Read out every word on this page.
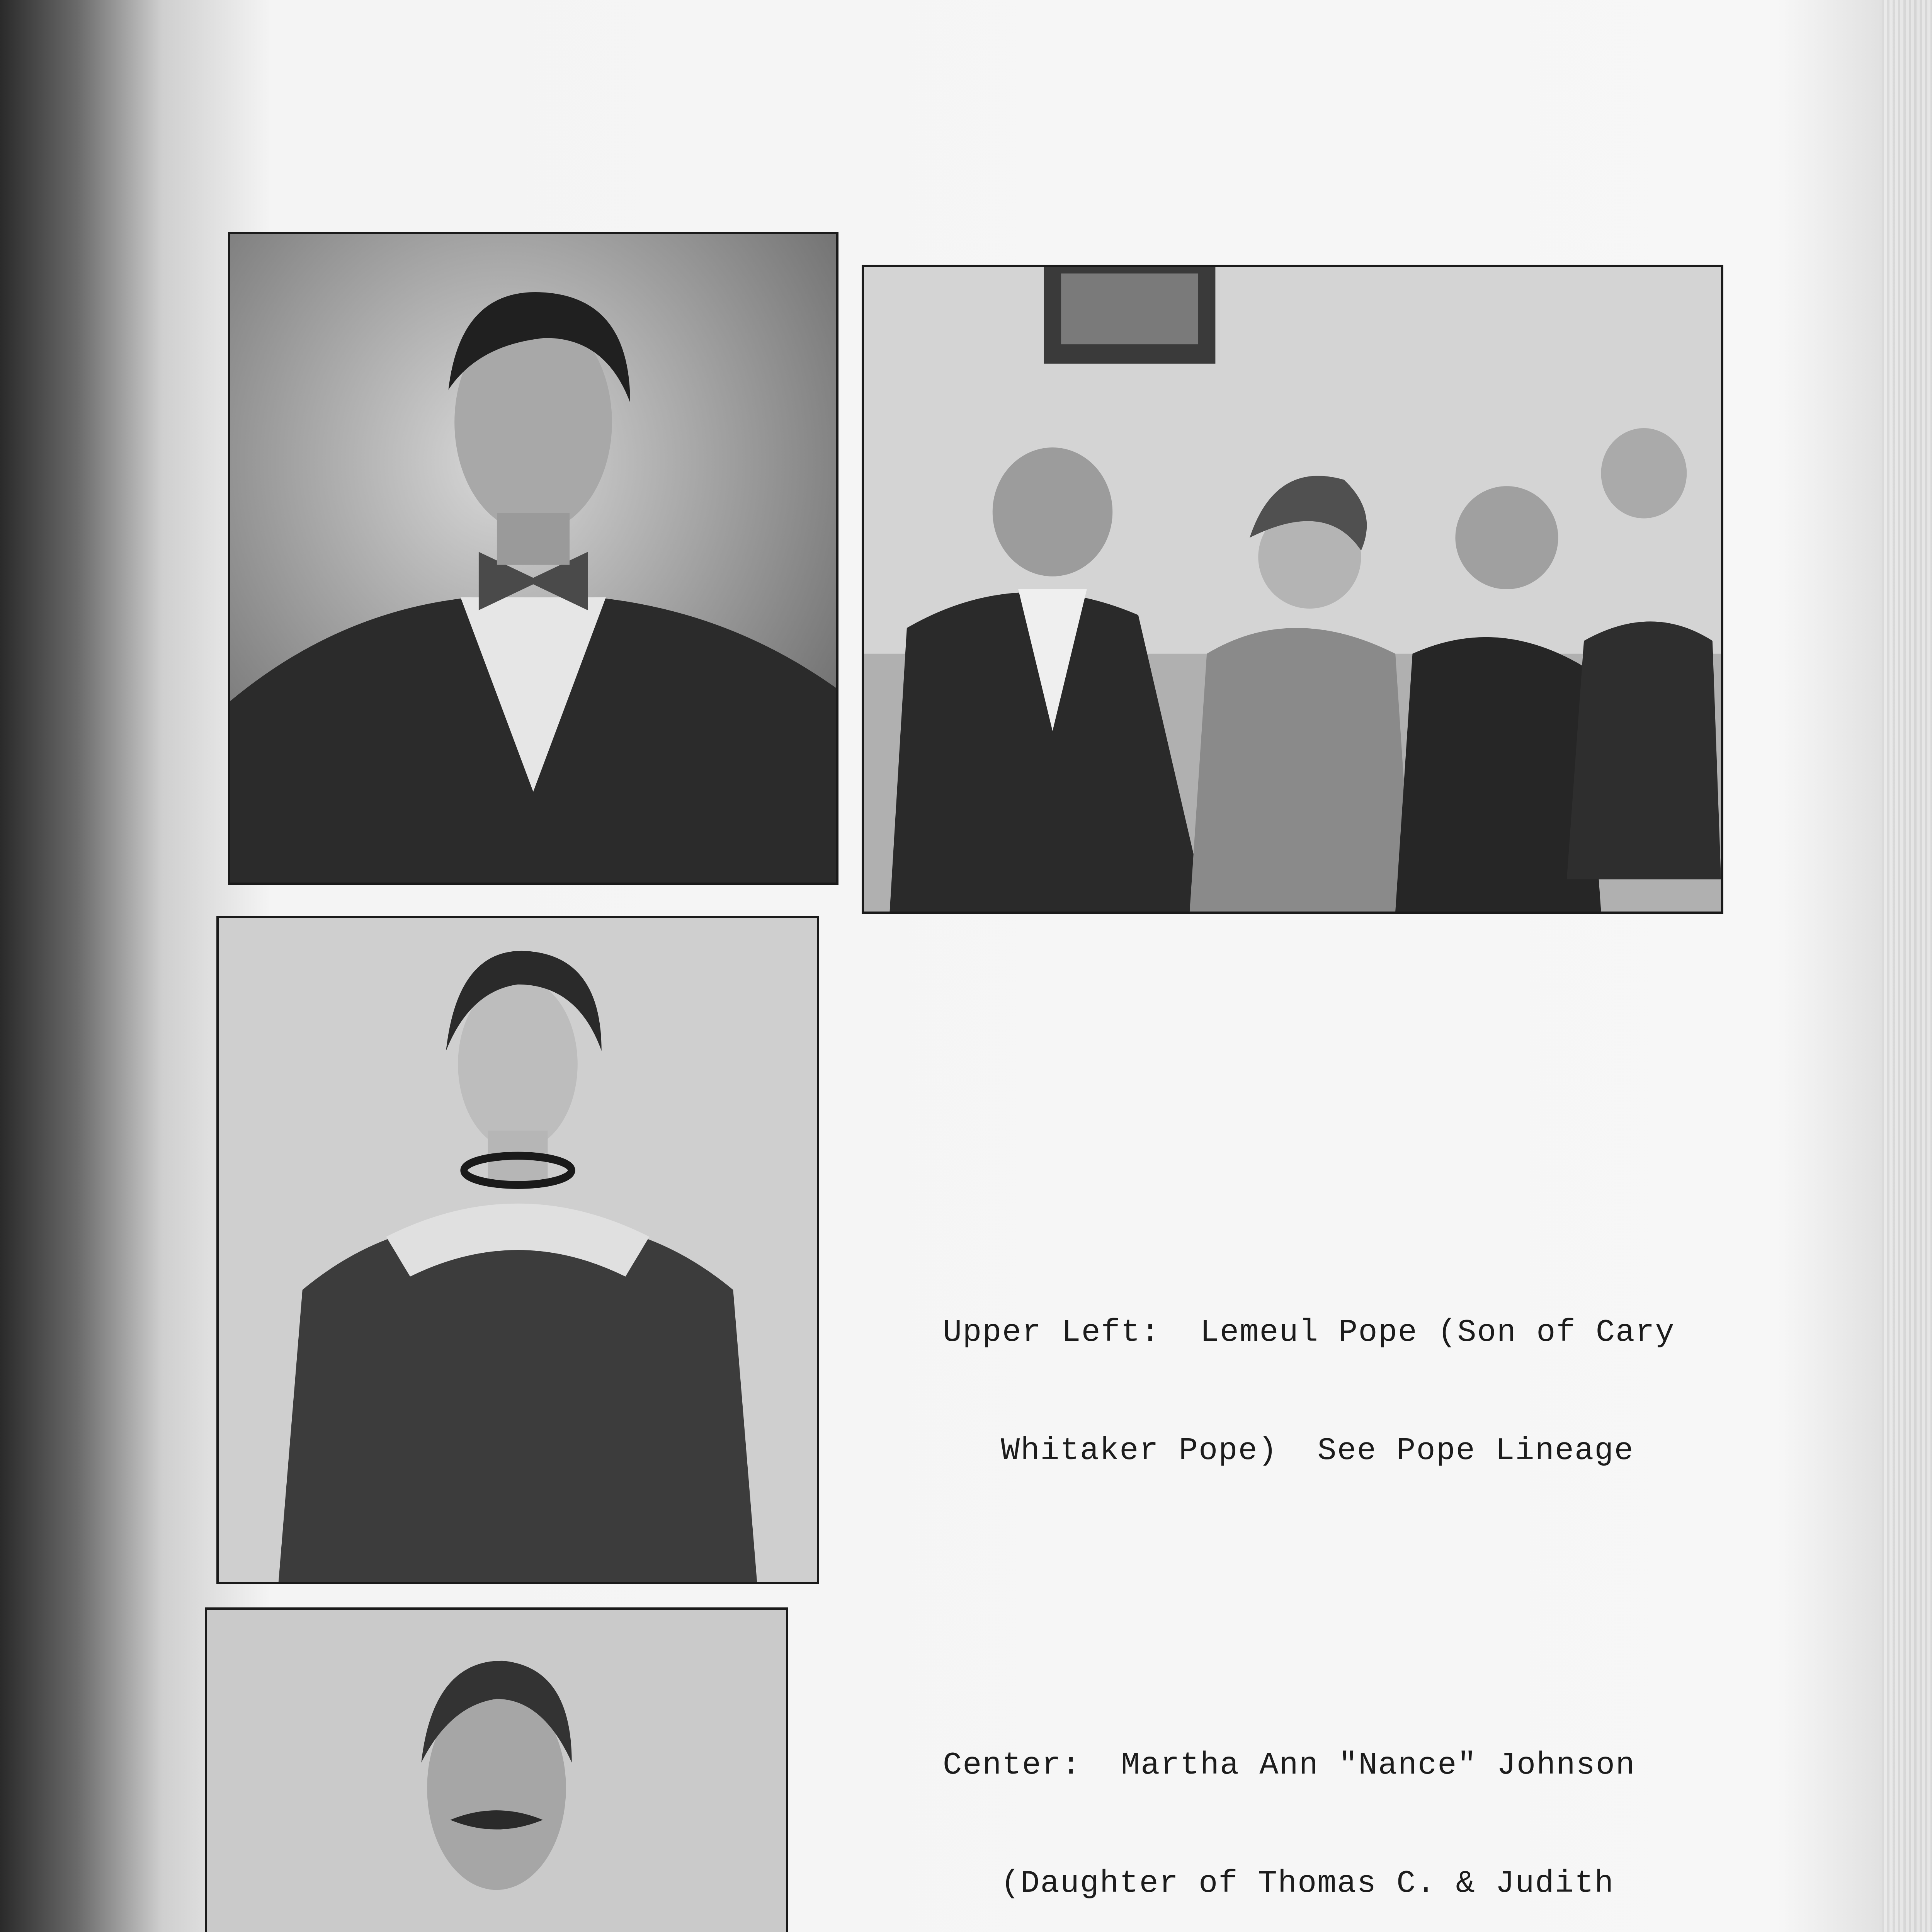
Upper Left: Lemeul Pope (Son of Cary

Whitaker Pope)  See Pope Lineage

Center: Martha Ann "Nance" Johnson

(Daughter of Thomas C. & Judith
